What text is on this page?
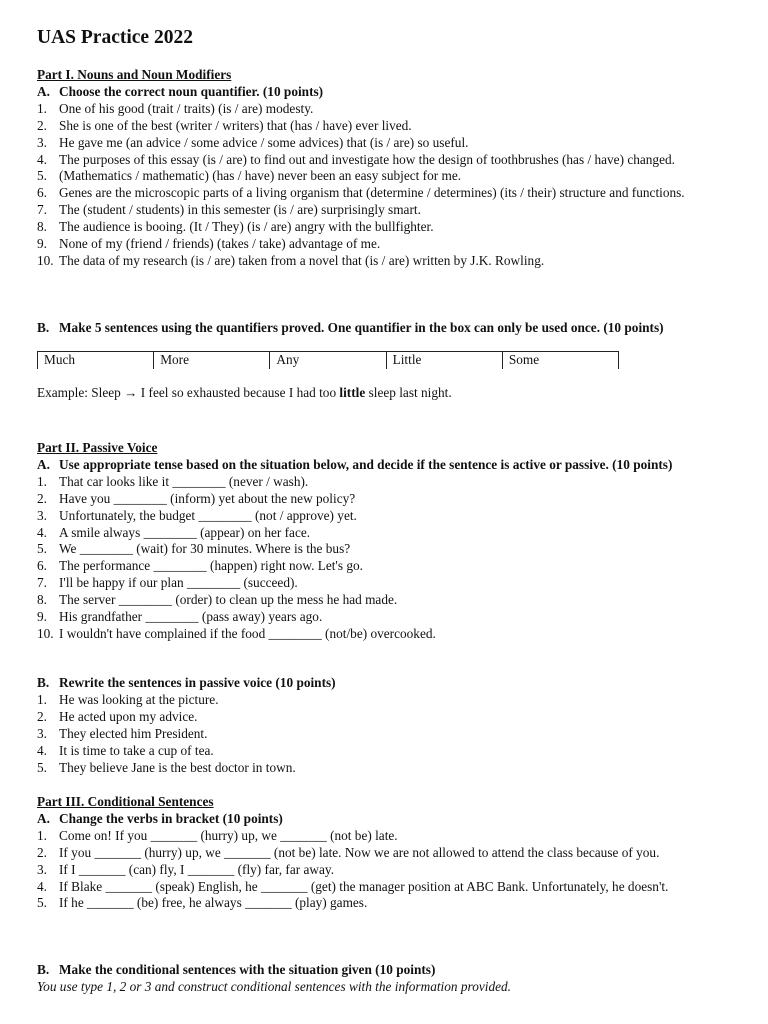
UAS Practice 2022
Part I. Nouns and Noun Modifiers
A. Choose the correct noun quantifier. (10 points)
1. One of his good (trait / traits) (is / are) modesty.
2. She is one of the best (writer / writers) that (has / have) ever lived.
3. He gave me (an advice / some advice / some advices) that (is / are) so useful.
4. The purposes of this essay (is / are) to find out and investigate how the design of toothbrushes (has / have) changed.
5. (Mathematics / mathematic) (has / have) never been an easy subject for me.
6. Genes are the microscopic parts of a living organism that (determine / determines) (its / their) structure and functions.
7. The (student / students) in this semester (is / are) surprisingly smart.
8. The audience is booing. (It / They) (is / are) angry with the bullfighter.
9. None of my (friend / friends) (takes / take) advantage of me.
10. The data of my research (is / are) taken from a novel that (is / are) written by J.K. Rowling.
B. Make 5 sentences using the quantifiers proved. One quantifier in the box can only be used once. (10 points)
Much	More	Any	Little	Some
Example: Sleep → I feel so exhausted because I had too little sleep last night.
Part II. Passive Voice
A. Use appropriate tense based on the situation below, and decide if the sentence is active or passive. (10 points)
1. That car looks like it ________ (never / wash).
2. Have you ________ (inform) yet about the new policy?
3. Unfortunately, the budget ________ (not / approve) yet.
4. A smile always ________ (appear) on her face.
5. We ________ (wait) for 30 minutes. Where is the bus?
6. The performance ________ (happen) right now. Let's go.
7. I'll be happy if our plan ________ (succeed).
8. The server ________ (order) to clean up the mess he had made.
9. His grandfather ________ (pass away) years ago.
10. I wouldn't have complained if the food ________ (not/be) overcooked.
B. Rewrite the sentences in passive voice (10 points)
1. He was looking at the picture.
2. He acted upon my advice.
3. They elected him President.
4. It is time to take a cup of tea.
5. They believe Jane is the best doctor in town.
Part III. Conditional Sentences
A. Change the verbs in bracket (10 points)
1. Come on! If you _______ (hurry) up, we _______ (not be) late.
2. If you _______ (hurry) up, we _______ (not be) late. Now we are not allowed to attend the class because of you.
3. If I _______ (can) fly, I _______ (fly) far, far away.
4. If Blake _______ (speak) English, he _______ (get) the manager position at ABC Bank. Unfortunately, he doesn't.
5. If he _______ (be) free, he always _______ (play) games.
B. Make the conditional sentences with the situation given (10 points)
You use type 1, 2 or 3 and construct conditional sentences with the information provided.
